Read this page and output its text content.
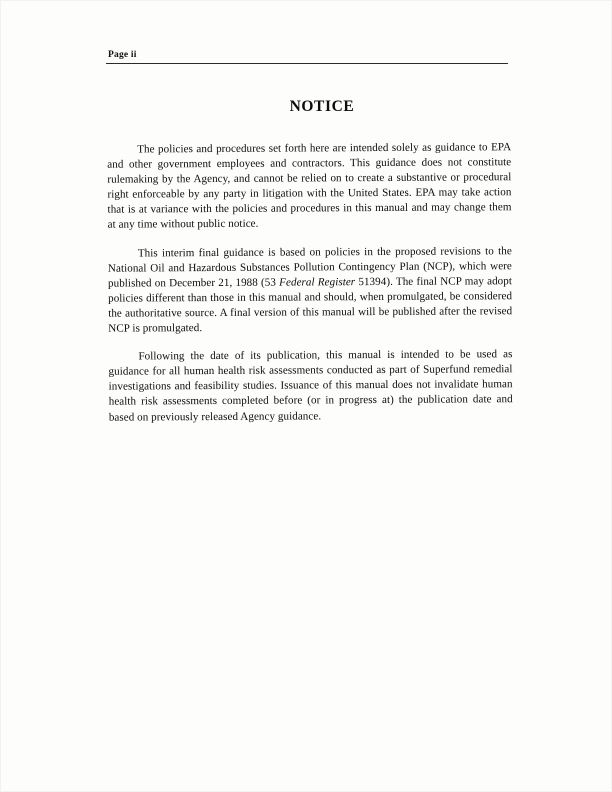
Page ii
NOTICE

The policies and procedures set forth here are intended solely as guidance to EPA and other government employees and contractors. This guidance does not constitute rulemaking by the Agency, and cannot be relied on to create a substantive or procedural right enforceable by any party in litigation with the United States. EPA may take action that is at variance with the policies and procedures in this manual and may change them at any time without public notice.

This interim final guidance is based on policies in the proposed revisions to the National Oil and Hazardous Substances Pollution Contingency Plan (NCP), which were published on December 21, 1988 (53 Federal Register 51394). The final NCP may adopt policies different than those in this manual and should, when promulgated, be considered the authoritative source. A final version of this manual will be published after the revised NCP is promulgated.

Following the date of its publication, this manual is intended to be used as guidance for all human health risk assessments conducted as part of Superfund remedial investigations and feasibility studies. Issuance of this manual does not invalidate human health risk assessments completed before (or in progress at) the publication date and based on previously released Agency guidance.
